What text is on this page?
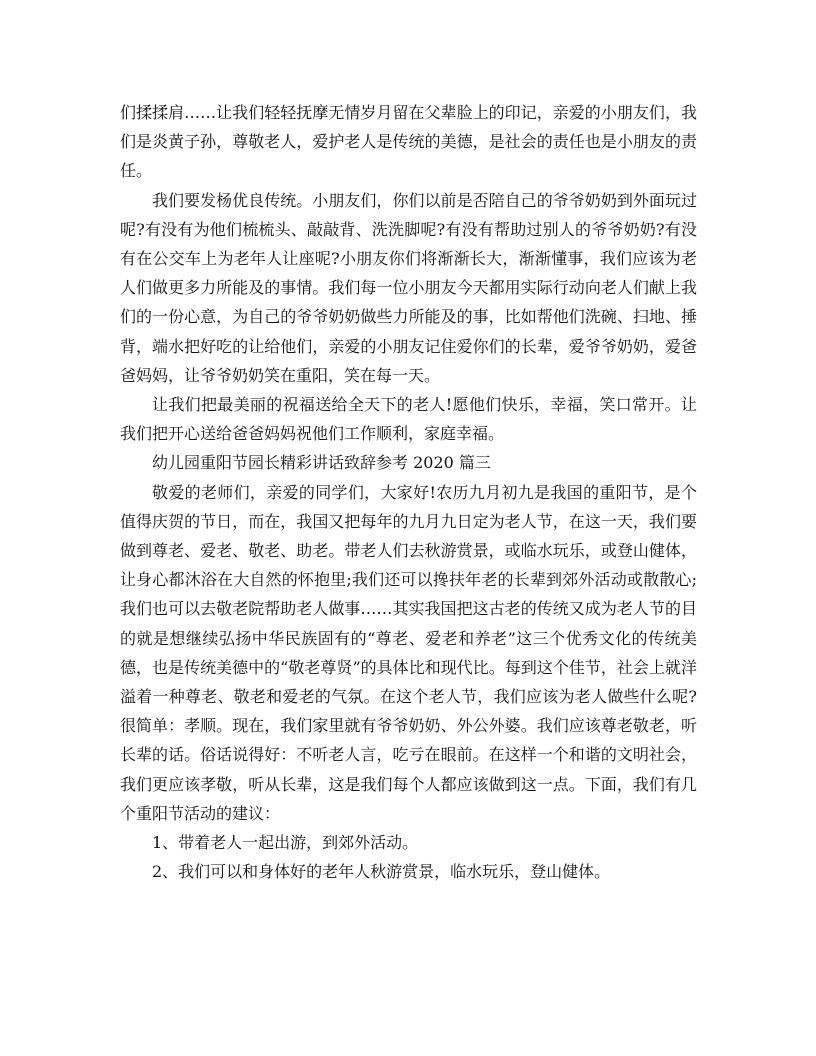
们揉揉肩……让我们轻轻抚摩无情岁月留在父辈脸上的印记，亲爱的小朋友们，我们是炎黄子孙，尊敬老人，爱护老人是传统的美德，是社会的责任也是小朋友的责任。

我们要发杨优良传统。小朋友们，你们以前是否陪自己的爷爷奶奶到外面玩过呢?有没有为他们梳梳头、敲敲背、洗洗脚呢?有没有帮助过别人的爷爷奶奶?有没有在公交车上为老年人让座呢?小朋友你们将渐渐长大，渐渐懂事，我们应该为老人们做更多力所能及的事情。我们每一位小朋友今天都用实际行动向老人们献上我们的一份心意，为自己的爷爷奶奶做些力所能及的事，比如帮他们洗碗、扫地、捶背，端水把好吃的让给他们，亲爱的小朋友记住爱你们的长辈，爱爷爷奶奶，爱爸爸妈妈，让爷爷奶奶笑在重阳，笑在每一天。

让我们把最美丽的祝福送给全天下的老人!愿他们快乐，幸福，笑口常开。让我们把开心送给爸爸妈妈祝他们工作顺利，家庭幸福。

幼儿园重阳节园长精彩讲话致辞参考 2020 篇三

敬爱的老师们，亲爱的同学们，大家好!农历九月初九是我国的重阳节，是个值得庆贺的节日，而在，我国又把每年的九月九日定为老人节，在这一天，我们要做到尊老、爱老、敬老、助老。带老人们去秋游赏景，或临水玩乐，或登山健体，让身心都沐浴在大自然的怀抱里;我们还可以搀扶年老的长辈到郊外活动或散散心;我们也可以去敬老院帮助老人做事……其实我国把这古老的传统又成为老人节的目的就是想继续弘扬中华民族固有的“尊老、爱老和养老”这三个优秀文化的传统美德，也是传统美德中的“敬老尊贤”的具体比和现代比。每到这个佳节，社会上就洋溢着一种尊老、敬老和爱老的气氛。在这个老人节，我们应该为老人做些什么呢?很简单：孝顺。现在，我们家里就有爷爷奶奶、外公外婆。我们应该尊老敬老，听长辈的话。俗话说得好：不听老人言，吃亏在眼前。在这样一个和谐的文明社会，我们更应该孝敬，听从长辈，这是我们每个人都应该做到这一点。下面，我们有几个重阳节活动的建议：

1、带着老人一起出游，到郊外活动。

2、我们可以和身体好的老年人秋游赏景，临水玩乐，登山健体。
